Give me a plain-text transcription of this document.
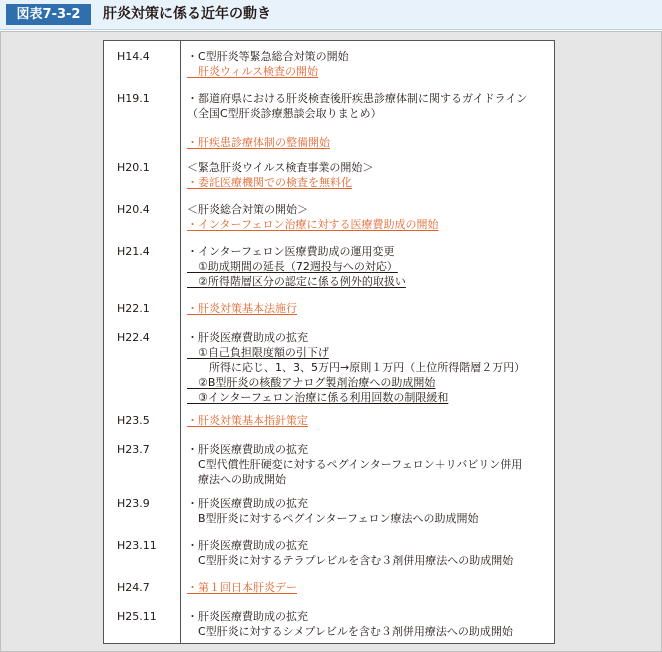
図表7-3-2	肝炎対策に係る近年の動き
H14.4	・C型肝炎等緊急総合対策の開始
　肝炎ウィルス検査の開始
H19.1	・都道府県における肝炎検査後肝疾患診療体制に関するガイドライン
（全国C型肝炎診療懇談会取りまとめ）
・肝疾患診療体制の整備開始
H20.1	＜緊急肝炎ウイルス検査事業の開始＞
・委託医療機関での検査を無料化
H20.4	＜肝炎総合対策の開始＞
・インターフェロン治療に対する医療費助成の開始
H21.4	・インターフェロン医療費助成の運用変更
　①助成期間の延長（72週投与への対応）
　②所得階層区分の認定に係る例外的取扱い
H22.1	・肝炎対策基本法施行
H22.4	・肝炎医療費助成の拡充
　①自己負担限度額の引下げ
　　所得に応じ、1、3、5万円→原則１万円（上位所得階層２万円）
　②B型肝炎の核酸アナログ製剤治療への助成開始
　③インターフェロン治療に係る利用回数の制限緩和
H23.5	・肝炎対策基本指針策定
H23.7	・肝炎医療費助成の拡充
　C型代償性肝硬変に対するペグインターフェロン＋リバビリン併用
　療法への助成開始
H23.9	・肝炎医療費助成の拡充
　B型肝炎に対するペグインターフェロン療法への助成開始
H23.11	・肝炎医療費助成の拡充
　C型肝炎に対するテラプレビルを含む３剤併用療法への助成開始
H24.7	・第１回日本肝炎デー
H25.11	・肝炎医療費助成の拡充
　C型肝炎に対するシメプレビルを含む３剤併用療法への助成開始
